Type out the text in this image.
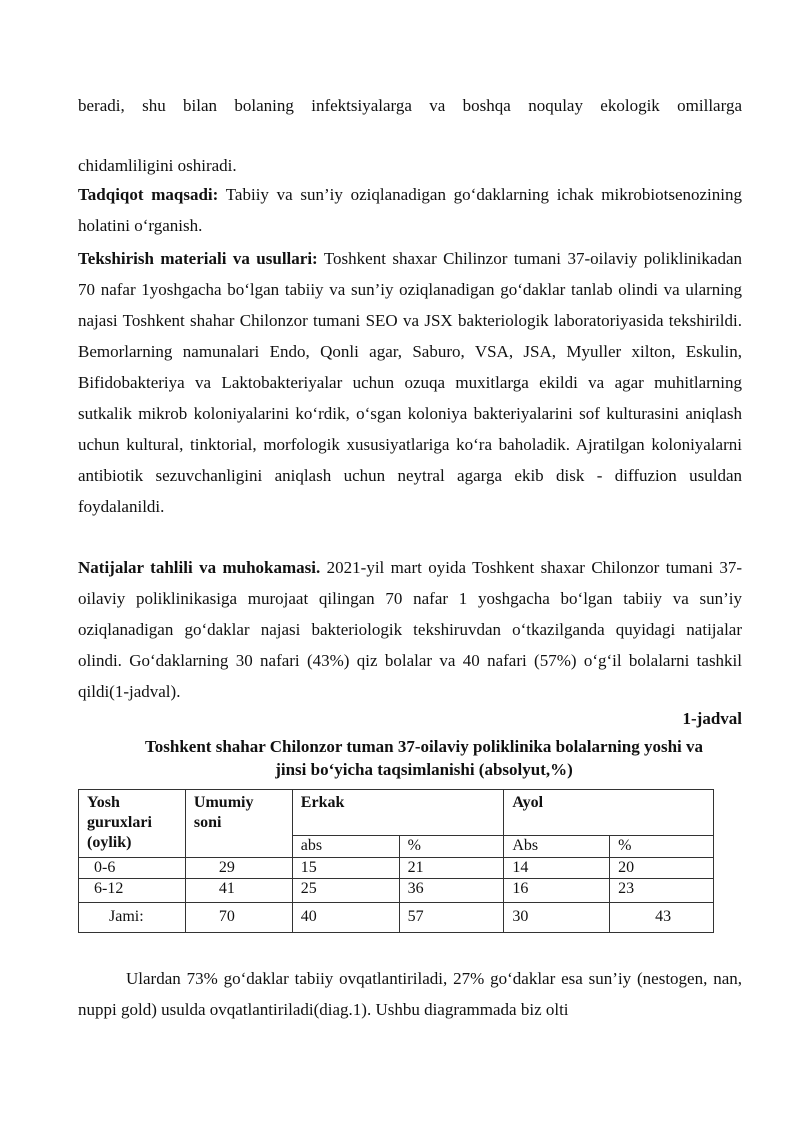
beradi, shu bilan bolaning infektsiyalarga va boshqa noqulay ekologik omillarga

chidamliligini oshiradi.

Tadqiqot maqsadi: Tabiiy va sun’iy oziqlanadigan go‘daklarning ichak mikrobiotsenozining holatini o‘rganish.

Tekshirish materiali va usullari: Toshkent shaxar Chilinzor tumani 37-oilaviy poliklinikadan 70 nafar 1yoshgacha bo‘lgan tabiiy va sun’iy oziqlanadigan go‘daklar tanlab olindi va ularning najasi Toshkent shahar Chilonzor tumani SEO va JSX bakteriologik laboratoriyasida tekshirildi. Bemorlarning namunalari Endo, Qonli agar, Saburo, VSA, JSA, Myuller xilton, Eskulin, Bifidobakteriya va Laktobakteriyalar uchun ozuqa muxitlarga ekildi va agar muhitlarning sutkalik mikrob koloniyalarini ko‘rdik, o‘sgan koloniya bakteriyalarini sof kulturasini aniqlash uchun kultural, tinktorial, morfologik xususiyatlariga ko‘ra baholadik. Ajratilgan koloniyalarni antibiotik sezuvchanligini aniqlash uchun neytral agarga ekib disk - diffuzion usuldan foydalanildi.

Natijalar tahlili va muhokamasi. 2021-yil mart oyida Toshkent shaxar Chilonzor tumani 37-oilaviy poliklinikasiga murojaat qilingan 70 nafar 1 yoshgacha bo‘lgan tabiiy va sun’iy oziqlanadigan go‘daklar najasi bakteriologik tekshiruvdan o‘tkazilganda quyidagi natijalar olindi. Go‘daklarning 30 nafari (43%) qiz bolalar va 40 nafari (57%) o‘g‘il bolalarni tashkil qildi(1-jadval).

1-jadval
Toshkent shahar Chilonzor tuman 37-oilaviy poliklinika bolalarning yoshi va
jinsi bo‘yicha taqsimlanishi (absolyut,%)
Yosh guruxlari (oylik)	Umumiy soni	Erkak		Ayol	
		abs	%	Abs	%
0-6	29	15	21	14	20
6-12	41	25	36	16	23
Jami:	70	40	57	30	43

Ulardan 73% go‘daklar tabiiy ovqatlantiriladi, 27% go‘daklar esa sun’iy (nestogen, nan, nuppi gold) usulda ovqatlantiriladi(diag.1). Ushbu diagrammada biz olti
